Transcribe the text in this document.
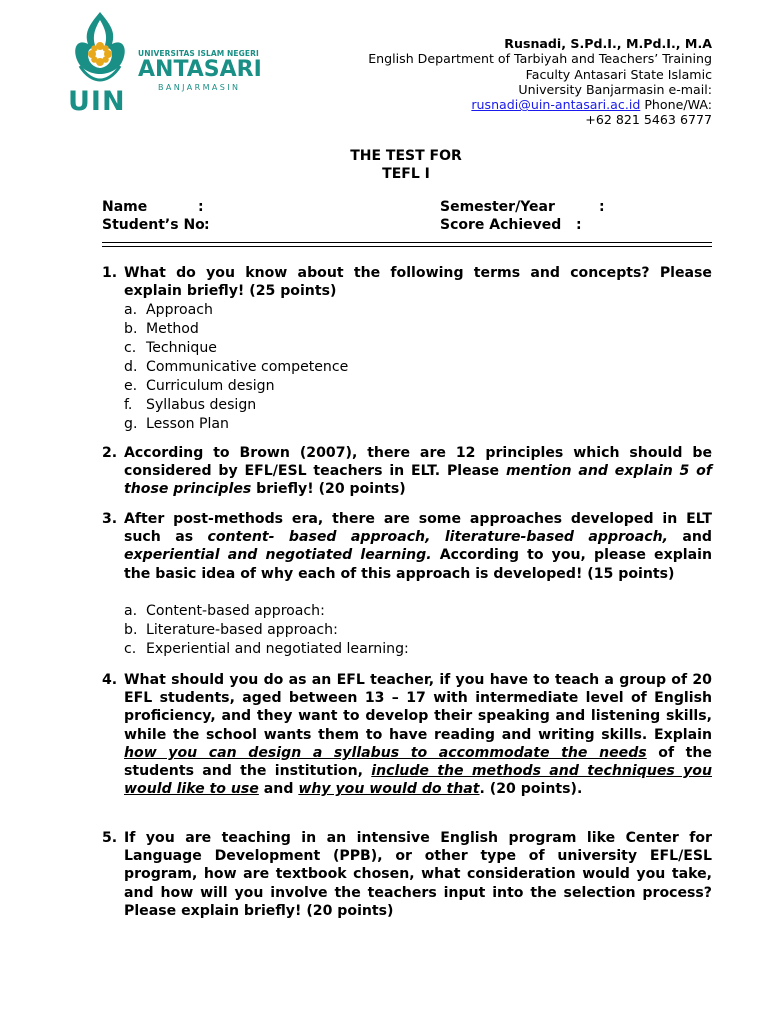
UIN
UNIVERSITAS ISLAM NEGERI
ANTASARI
BANJARMASIN
Rusnadi, S.Pd.I., M.Pd.I., M.A
English Department of Tarbiyah and Teachers’ Training
Faculty Antasari State Islamic
University Banjarmasin e-mail:
rusnadi@uin-antasari.ac.id Phone/WA:
+62 821 5463 6777
THE TEST FOR
TEFL I
Name	:	Semester/Year	:
Student’s No :	Score Achieved :
1. What do you know about the following terms and concepts? Please explain briefly! (25 points)
a. Approach
b. Method
c. Technique
d. Communicative competence
e. Curriculum design
f. Syllabus design
g. Lesson Plan
2. According to Brown (2007), there are 12 principles which should be considered by EFL/ESL teachers in ELT. Please mention and explain 5 of those principles briefly! (20 points)
3. After post-methods era, there are some approaches developed in ELT such as content- based approach, literature-based approach, and experiential and negotiated learning. According to you, please explain the basic idea of why each of this approach is developed! (15 points)
a. Content-based approach:
b. Literature-based approach:
c. Experiential and negotiated learning:
4. What should you do as an EFL teacher, if you have to teach a group of 20 EFL students, aged between 13 – 17 with intermediate level of English proficiency, and they want to develop their speaking and listening skills, while the school wants them to have reading and writing skills. Explain how you can design a syllabus to accommodate the needs of the students and the institution, include the methods and techniques you would like to use and why you would do that. (20 points).
5. If you are teaching in an intensive English program like Center for Language Development (PPB), or other type of university EFL/ESL program, how are textbook chosen, what consideration would you take, and how will you involve the teachers input into the selection process? Please explain briefly! (20 points)
